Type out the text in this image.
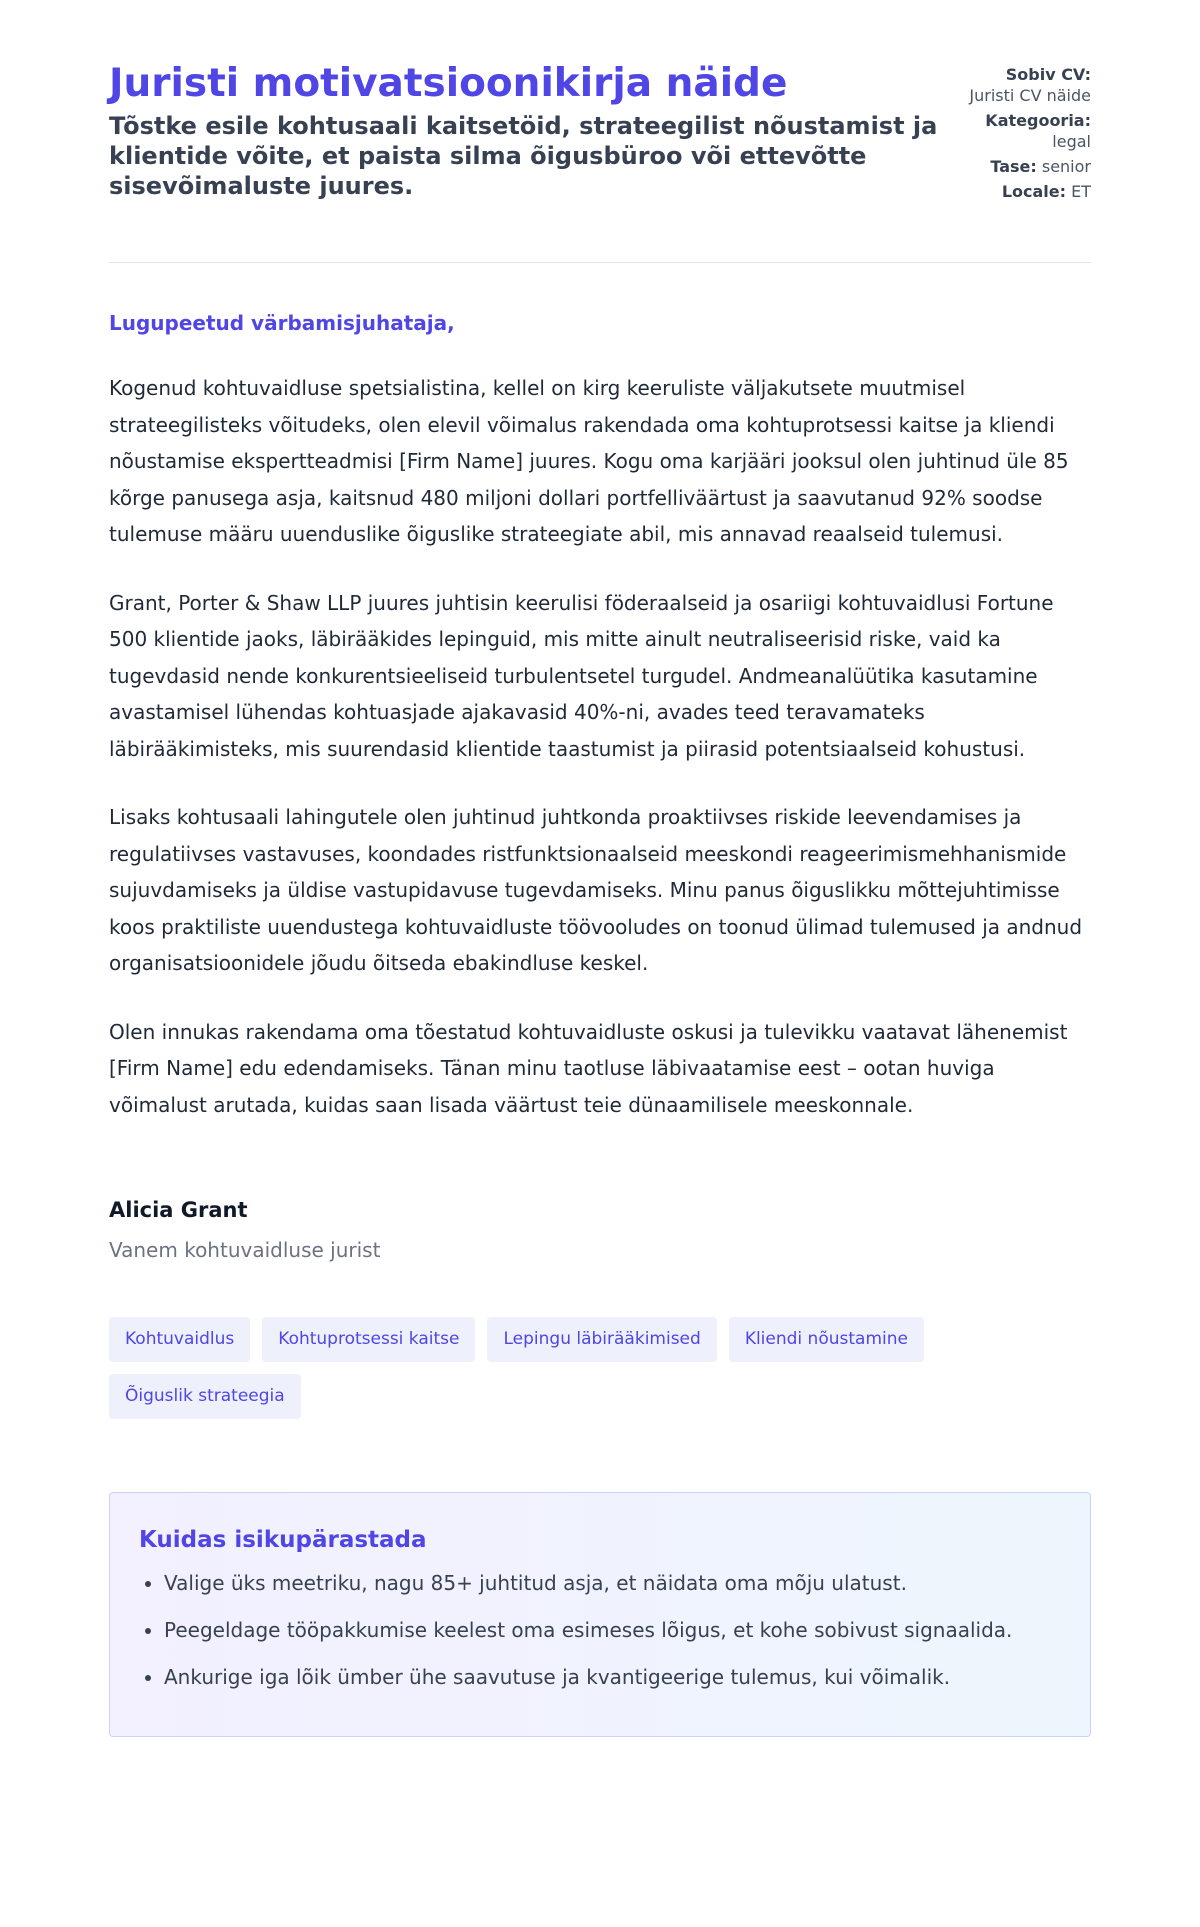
Juristi motivatsioonikirja näide
Tõstke esile kohtusaali kaitsetöid, strateegilist nõustamist ja klientide võite, et paista silma õigusbüroo või ettevõtte sisevõimaluste juures.
Sobiv CV:
Juristi CV näide
Kategooria:
legal
Tase: senior
Locale: ET
Lugupeetud värbamisjuhataja,

Kogenud kohtuvaidluse spetsialistina, kellel on kirg keeruliste väljakutsete muutmisel strateegilisteks võitudeks, olen elevil võimalus rakendada oma kohtuprotsessi kaitse ja kliendi nõustamise ekspertteadmisi [Firm Name] juures. Kogu oma karjääri jooksul olen juhtinud üle 85 kõrge panusega asja, kaitsnud 480 miljoni dollari portfelliväärtust ja saavutanud 92% soodse tulemuse määru uuenduslike õiguslike strateegiate abil, mis annavad reaalseid tulemusi.

Grant, Porter & Shaw LLP juures juhtisin keerulisi föderaalseid ja osariigi kohtuvaidlusi Fortune 500 klientide jaoks, läbirääkides lepinguid, mis mitte ainult neutraliseerisid riske, vaid ka tugevdasid nende konkurentsieeliseid turbulentsetel turgudel. Andmeanalüütika kasutamine avastamisel lühendas kohtuasjade ajakavasid 40%-ni, avades teed teravamateks läbirääkimisteks, mis suurendasid klientide taastumist ja piirasid potentsiaalseid kohustusi.

Lisaks kohtusaali lahingutele olen juhtinud juhtkonda proaktiivses riskide leevendamises ja regulatiivses vastavuses, koondades ristfunktsionaalseid meeskondi reageerimismehhanismide sujuvdamiseks ja üldise vastupidavuse tugevdamiseks. Minu panus õiguslikku mõttejuhtimisse koos praktiliste uuendustega kohtuvaidluste töövooludes on toonud ülimad tulemused ja andnud organisatsioonidele jõudu õitseda ebakindluse keskel.

Olen innukas rakendama oma tõestatud kohtuvaidluste oskusi ja tulevikku vaatavat lähenemist [Firm Name] edu edendamiseks. Tänan minu taotluse läbivaatamise eest – ootan huviga võimalust arutada, kuidas saan lisada väärtust teie dünaamilisele meeskonnale.

Alicia Grant
Vanem kohtuvaidluse jurist
Kohtuvaidlus	Kohtuprotsessi kaitse	Lepingu läbirääkimised	Kliendi nõustamine
Õiguslik strateegia
Kuidas isikupärastada
• Valige üks meetriku, nagu 85+ juhtitud asja, et näidata oma mõju ulatust.
• Peegeldage tööpakkumise keelest oma esimeses lõigus, et kohe sobivust signaalida.
• Ankurige iga lõik ümber ühe saavutuse ja kvantigeerige tulemus, kui võimalik.
